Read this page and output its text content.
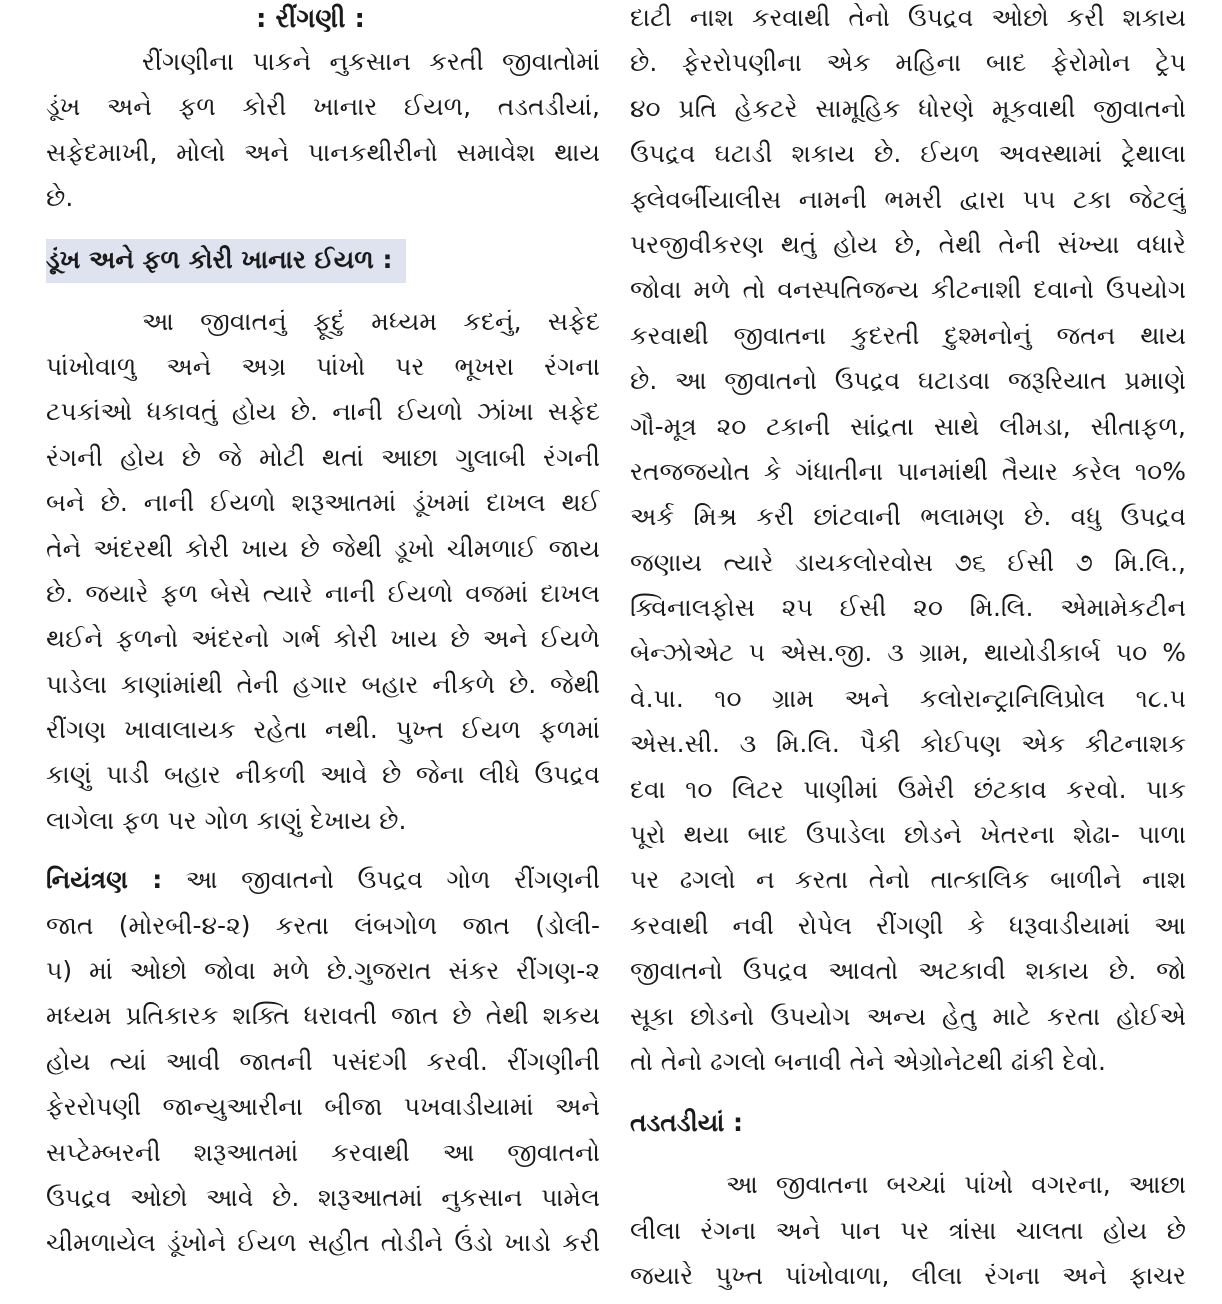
: રીંગણી :
રીંગણીના પાકને નુકસાન કરતી જીવાતોમાં
ડૂંખ અને ફળ કોરી ખાનાર ઈયળ, તડતડીયાં,
સફેદમાખી, મોલો અને પાનકથીરીનો સમાવેશ થાય
છે.
ડૂંખ અને ફળ કોરી ખાનાર ઈયળ :
આ જીવાતનું ફૂદું મધ્યમ કદનું, સફેદ
પાંખોવાળુ અને અગ્ર પાંખો પર ભૂખરા રંગના
ટપકાંઓ ધકાવતું હોય છે. નાની ઈયળો ઝાંખા સફેદ
રંગની હોય છે જે મોટી થતાં આછા ગુલાબી રંગની
બને છે. નાની ઈયળો શરૂઆતમાં ડૂંખમાં દાખલ થઈ
તેને અંદરથી કોરી ખાય છે જેથી ડૂખો ચીમળાઈ જાય
છે. જયારે ફળ બેસે ત્યારે નાની ઈયળો વજમાં દાખલ
થઈને ફળનો અંદરનો ગર્ભ કોરી ખાય છે અને ઈયળે
પાડેલા કાણાંમાંથી તેની હગાર બહાર નીકળે છે. જેથી
રીંગણ ખાવાલાયક રહેતા નથી. પુખ્ત ઈયળ ફળમાં
કાણું પાડી બહાર નીકળી આવે છે જેના લીધે ઉપદ્રવ
લાગેલા ફળ પર ગોળ કાણું દેખાય છે.
નિયંત્રણ : આ જીવાતનો ઉપદ્રવ ગોળ રીંગણની
જાત (મોરબી-૪-૨) કરતા લંબગોળ જાત (ડોલી-
૫) માં ઓછો જોવા મળે છે.ગુજરાત સંકર રીંગણ-૨
મધ્યમ પ્રતિકારક શક્તિ ધરાવતી જાત છે તેથી શકય
હોય ત્યાં આવી જાતની પસંદગી કરવી. રીંગણીની
ફેરરોપણી જાન્યુઆરીના બીજા પખવાડીયામાં અને
સપ્ટેમ્બરની શરૂઆતમાં કરવાથી આ જીવાતનો
ઉપદ્રવ ઓછો આવે છે. શરૂઆતમાં નુકસાન પામેલ
ચીમળાયેલ ડૂંખોને ઈયળ સહીત તોડીને ઉંડો ખાડો કરી
દાટી નાશ કરવાથી તેનો ઉપદ્રવ ઓછો કરી શકાય
છે. ફેરરોપણીના એક મહિના બાદ ફેરોમોન ટ્રેપ
૪૦ પ્રતિ હેકટરે સામૂહિક ધોરણે મૂકવાથી જીવાતનો
ઉપદ્રવ ઘટાડી શકાય છે. ઈયળ અવસ્થામાં ટ્રેથાલા
ફ્લેવર્બીયાલીસ નામની ભમરી દ્વારા ૫૫ ટકા જેટલું
પરજીવીકરણ થતું હોય છે, તેથી તેની સંખ્યા વધારે
જોવા મળે તો વનસ્પતિજન્ય કીટનાશી દવાનો ઉપયોગ
કરવાથી જીવાતના કુદરતી દુશ્મનોનું જતન થાય
છે. આ જીવાતનો ઉપદ્રવ ઘટાડવા જરૂરિયાત પ્રમાણે
ગૌ-મૂત્ર ૨૦ ટકાની સાંદ્રતા સાથે લીમડા, સીતાફળ,
રતજજયોત કે ગંધાતીના પાનમાંથી તૈયાર કરેલ ૧૦%
અર્ક મિશ્ર કરી છાંટવાની ભલામણ છે. વધુ ઉપદ્રવ
જણાય ત્યારે ડાયકલોરવોસ ૭૬ ઈસી ૭ મિ.લિ.,
ક્વિનાલફોસ ૨૫ ઈસી ૨૦ મિ.લિ. એમામેકટીન
બેન્ઝોએટ ૫ એસ.જી. ૩ ગ્રામ, થાયોડીકાર્બ ૫૦ %
વે.પા. ૧૦ ગ્રામ અને કલોરાન્ટ્રાનિલિપ્રોલ ૧૮.૫
એસ.સી. ૩ મિ.લિ. પૈકી કોઈપણ એક કીટનાશક
દવા ૧૦ લિટર પાણીમાં ઉમેરી છંટકાવ કરવો. પાક
પૂરો થયા બાદ ઉપાડેલા છોડને ખેતરના શેઢા- પાળા
૫ર ઢગલો ન કરતા તેનો તાત્કાલિક બાળીને નાશ
કરવાથી નવી રોપેલ રીંગણી કે ધરૂવાડીયામાં આ
જીવાતનો ઉપદ્રવ આવતો અટકાવી શકાય છે. જો
સૂકા છોડનો ઉપયોગ અન્ય હેતુ માટે કરતા હોઈએ
તો તેનો ઢગલો બનાવી તેને એગ્રોનેટથી ઢાંકી દેવો.
તડતડીયાં :
આ જીવાતના બચ્ચાં પાંખો વગરના, આછા
લીલા રંગના અને પાન પર ત્રાંસા ચાલતા હોય છે
જયારે પુખ્ત પાંખોવાળા, લીલા રંગના અને ફાચર
